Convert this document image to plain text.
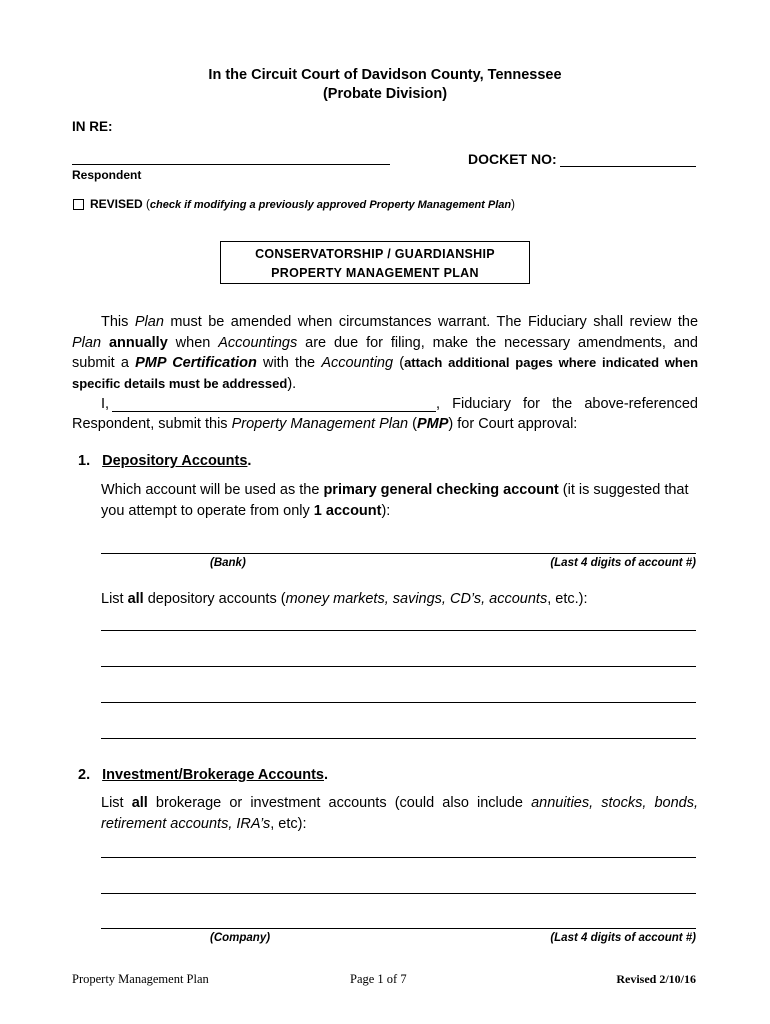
In the Circuit Court of Davidson County, Tennessee
(Probate Division)
IN RE:
Respondent
DOCKET NO:
REVISED (check if modifying a previously approved Property Management Plan)
CONSERVATORSHIP / GUARDIANSHIP
PROPERTY MANAGEMENT PLAN
This Plan must be amended when circumstances warrant. The Fiduciary shall review the Plan annually when Accountings are due for filing, make the necessary amendments, and submit a PMP Certification with the Accounting (attach additional pages where indicated when specific details must be addressed).
I,	, Fiduciary for the above-referenced
Respondent, submit this Property Management Plan (PMP) for Court approval:
1. Depository Accounts.
Which account will be used as the primary general checking account (it is suggested that you attempt to operate from only 1 account):
(Bank)	(Last 4 digits of account #)
List all depository accounts (money markets, savings, CD’s, accounts, etc.):
2. Investment/Brokerage Accounts.
List all brokerage or investment accounts (could also include annuities, stocks, bonds, retirement accounts, IRA’s, etc):
(Company)	(Last 4 digits of account #)
Property Management Plan	Page 1 of 7	Revised 2/10/16
